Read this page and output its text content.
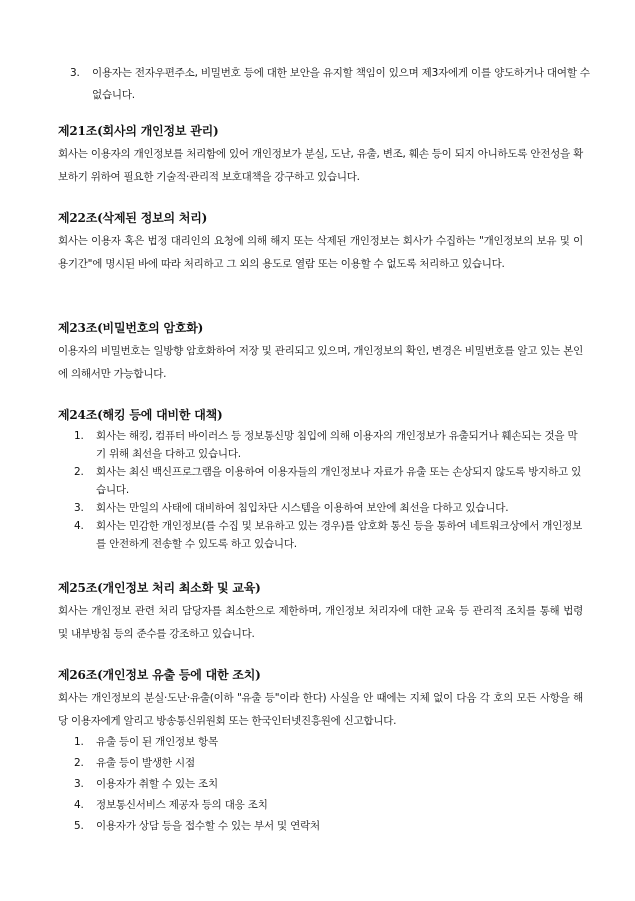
3.	이용자는 전자우편주소, 비밀번호 등에 대한 보안을 유지할 책임이 있으며 제3자에게 이를 양도하거나 대여할 수 없습니다.
제21조(회사의 개인정보 관리)

회사는 이용자의 개인정보를 처리함에 있어 개인정보가 분실, 도난, 유출, 변조, 훼손 등이 되지 아니하도록 안전성을 확보하기 위하여 필요한 기술적·관리적 보호대책을 강구하고 있습니다.

제22조(삭제된 정보의 처리)

회사는 이용자 혹은 법정 대리인의 요청에 의해 해지 또는 삭제된 개인정보는 회사가 수집하는 "개인정보의 보유 및 이용기간"에 명시된 바에 따라 처리하고 그 외의 용도로 열람 또는 이용할 수 없도록 처리하고 있습니다.

제23조(비밀번호의 암호화)

이용자의 비밀번호는 일방향 암호화하여 저장 및 관리되고 있으며, 개인정보의 확인, 변경은 비밀번호를 알고 있는 본인에 의해서만 가능합니다.

제24조(해킹 등에 대비한 대책)
1.	회사는 해킹, 컴퓨터 바이러스 등 정보통신망 침입에 의해 이용자의 개인정보가 유출되거나 훼손되는 것을 막기 위해 최선을 다하고 있습니다.
2.	회사는 최신 백신프로그램을 이용하여 이용자들의 개인정보나 자료가 유출 또는 손상되지 않도록 방지하고 있습니다.
3.	회사는 만일의 사태에 대비하여 침입차단 시스템을 이용하여 보안에 최선을 다하고 있습니다.
4.	회사는 민감한 개인정보(를 수집 및 보유하고 있는 경우)를 암호화 통신 등을 통하여 네트워크상에서 개인정보를 안전하게 전송할 수 있도록 하고 있습니다.
제25조(개인정보 처리 최소화 및 교육)

회사는 개인정보 관련 처리 담당자를 최소한으로 제한하며, 개인정보 처리자에 대한 교육 등 관리적 조치를 통해 법령 및 내부방침 등의 준수를 강조하고 있습니다.

제26조(개인정보 유출 등에 대한 조치)

회사는 개인정보의 분실·도난·유출(이하 "유출 등"이라 한다) 사실을 안 때에는 지체 없이 다음 각 호의 모든 사항을 해당 이용자에게 알리고 방송통신위원회 또는 한국인터넷진흥원에 신고합니다.

1.	유출 등이 된 개인정보 항목
2.	유출 등이 발생한 시점
3.	이용자가 취할 수 있는 조치
4.	정보통신서비스 제공자 등의 대응 조치
5.	이용자가 상담 등을 접수할 수 있는 부서 및 연락처
